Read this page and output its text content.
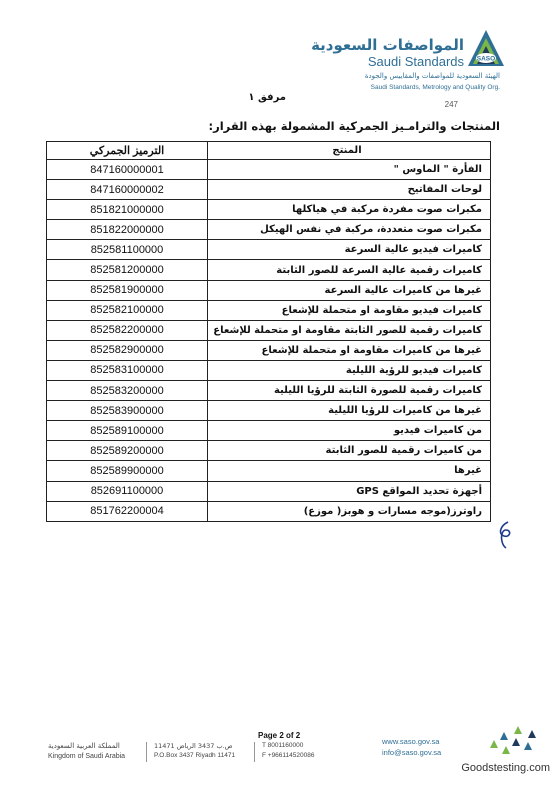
المواصفات السعودية
Saudi Standards SASO
الهيئة السعودية للمواصفات والمقاييس والجودة
Saudi Standards, Metrology and Quality Org.
247
مرفق ١
المنتجات والترامـيز الجمركية المشمولة بهذه القرار:
الترميز الجمركي	المنتج
847160000001	الفأرة " الماوس "
847160000002	لوحات المفاتيح
851821000000	مكبرات صوت مفردة مركبة في هياكلها
851822000000	مكبرات صوت متعددة، مركبة في نفس الهيكل
852581100000	كاميرات فيديو عالية السرعة
852581200000	كاميرات رقمية عالية السرعة للصور الثابتة
852581900000	غيرها من كاميرات عالية السرعة
852582100000	كاميرات فيديو مقاومة او متحملة للإشعاع
852582200000	كاميرات رقمية للصور الثابتة مقاومة او متحملة للإشعاع
852582900000	غيرها من كاميرات مقاومة او متحملة للإشعاع
852583100000	كاميرات فيديو للرؤية الليلية
852583200000	كاميرات رقمية للصورة الثابتة للرؤيا الليلية
852583900000	غيرها من كاميرات للرؤيا الليلية
852589100000	من كاميرات فيديو
852589200000	من كاميرات رقمية للصور الثابتة
852589900000	غيرها
852691100000	أجهزة تحديد المواقع GPS
851762200004	راوترز(موجه مسارات و هوبز( موزع)
المملكة العربية السعودية
Kingdom of Saudi Arabia
ص.ب 3437 الرياض 11471
P.O.Box 3437 Riyadh 11471
Page 2 of 2
T 8001160000
F +966114520086
www.saso.gov.sa
info@saso.gov.sa
Goodstesting.com
